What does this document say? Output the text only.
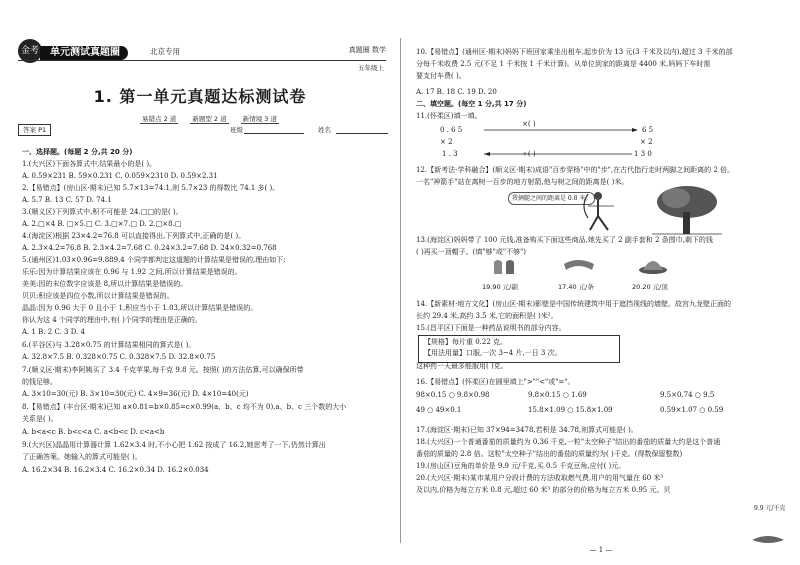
金考	单元测试真题圈	北京专用	真题圈 数学
五年级上
1. 第一单元真题达标测试卷
易错点 2 道 新题型 2 道 新情境 3 道
答案 P1	班级	姓名
一、选择题。(每题 2 分,共 20 分)
1.(大兴区)下面各算式中,结果最小的是( )。
A. 0.59×231 B. 59×0.231 C. 0.059×2310 D. 0.59×2.31
2.【易错点】(房山区·期末)已知 5.7×13=74.1,则 5.7×23 的得数比 74.1 多( )。
A. 5.7 B. 13 C. 57 D. 74.1
3.(顺义区)下列算式中,积不可能是 24.□□的是( )。
A. 2.□×4 B. □×5.□ C. 3.□×7.□ D. 2.□×8.□
4.(海淀区)根据 23×4.2=76.8 可以直接得出,下列算式中,正确的是( )。
A. 2.3×4.2=76.8 B. 2.3×4.2=7.68 C. 0.24×3.2=7.68 D. 24×0.32=0.768
5.(通州区)1.03×0.96=9.889,4 个同学都判定这道题的计算结果是错误的,理由如下:
乐乐:因为计算结果应该在 0.96 与 1.92 之间,所以计算结果是错误的。
美美:因的末位数字应该是 8,所以计算结果是错误的。
贝贝:积应该是四位小数,所以计算结果是错误的。
晶晶:因为 0.96 大于 0 且小于 1,积应当小于 1.03,所以计算结果是错误的。
你认为这 4 个同学的理由中,有( )个同学的理由是正确的。
A. 1 B. 2 C. 3 D. 4
6.(平谷区)与 3.28×0.75 的计算结果相同的算式是( )。
A. 32.8×7.5 B. 0.328×0.75 C. 0.328×7.5 D. 32.8×0.75
7.(顺义区·期末)李阿姨买了 3.4 千克苹果,每千克 9.8 元。按照( )的方法估算,可以确保所带
的钱足够。
A. 3×10=30(元) B. 3×10=30(元) C. 4×9=36(元) D. 4×10=40(元)
8.【易错点】(丰台区·期末)已知 a×0.81=b×0.85=c×0.99(a、b、c 均不为 0),a、b、c 三个数的大小
关系是( )。
A. b<a<c B. b<c<a C. a<b<c D. c<a<b
9.(大兴区)晶晶用计算器计算 1.62×3.4 时,不小心把 1.62 按成了 16.2,她思考了一下,仍然计算出
了正确答案。她输入的算式可能是( )。
A. 16.2×34 B. 16.2×3.4 C. 16.2×0.34 D. 16.2×0.034
10.【易错点】(通州区·期末)妈妈下班回家乘坐出租车,起步价为 13 元(3 千米及以内),超过 3 千米的部
分每千米收费 2.5 元(不足 1 千米按 1 千米计算)。从单位到家的距离是 4400 米,妈妈下车时需
要支付车费( )。
A. 17 B. 18 C. 19 D. 20
二、填空题。(每空 1 分,共 17 分)
11.(怀柔区)填一填。
12.【新考法·学科融合】(顺义区·期末)成语"百步穿杨"中的"步",在古代指行走时两脚之间距离的 2 倍。
一名"神箭手"站在离树一百步的地方射箭,他与树之间的距离是( )米。
13.(海淀区)妈妈带了 100 元钱,准备购买下面这些商品,她先买了 2 副手套和 2 条围巾,剩下的钱
( )再买一顶帽子。(填"够"或"不够")
14.【新素材·地方文化】(房山区·期末)影壁是中国传统建筑中用于遮挡视线的墙壁。故宫九龙壁正面的
长约 29.4 米,高约 3.5 米,它的面积是( )米²。
15.(昌平区)下面是一种药品说明书的部分内容。
这种药一天最多能服用( )克。
16.【易错点】(怀柔区)在圆里填上">""<"或"="。
17.(海淀区·期末)已知 37×94=3478,若积是 34.78,则算式可能是( )。
18.(大兴区)一个普通番茄的质量约为 0.36 千克,一粒"太空种子"结出的番茄的质量大约是这个普通
番茄的质量的 2.8 倍。这粒"太空种子"结出的番茄的质量约为( )千克。(得数保留整数)
19.(房山区)豆角的单价是 9.9 元/千克,买 0.5 千克豆角,应付( )元。
20.(大兴区·期末)某市某用户分段计费的方法收取燃气费,用户的用气量在 60 米³
及以内,价格为每立方米 0.8 元,超过 60 米³ 的部分的价格为每立方米 0.95 元。贝
0 . 6 5
×( )
6 5
× 2	× 2
1 . 3	÷( )	1 3 0
我俩腿之间的距离是 0.8 米。
19.90 元/副	17.40 元/条	20.20 元/顶
【规格】每片重 0.22 克。
【用法用量】口服,一次 3~4 片,一日 3 次。
98×0.15 ○ 9.8×0.98	9.8×0.15 ○ 1.69	9.5×0.74 ○ 9.5
49 ○ 49×0.1	15.8×1.09 ○ 15.8×1.09	0.59×1.07 ○ 0.59
9.9 元/千克
— 1 —
